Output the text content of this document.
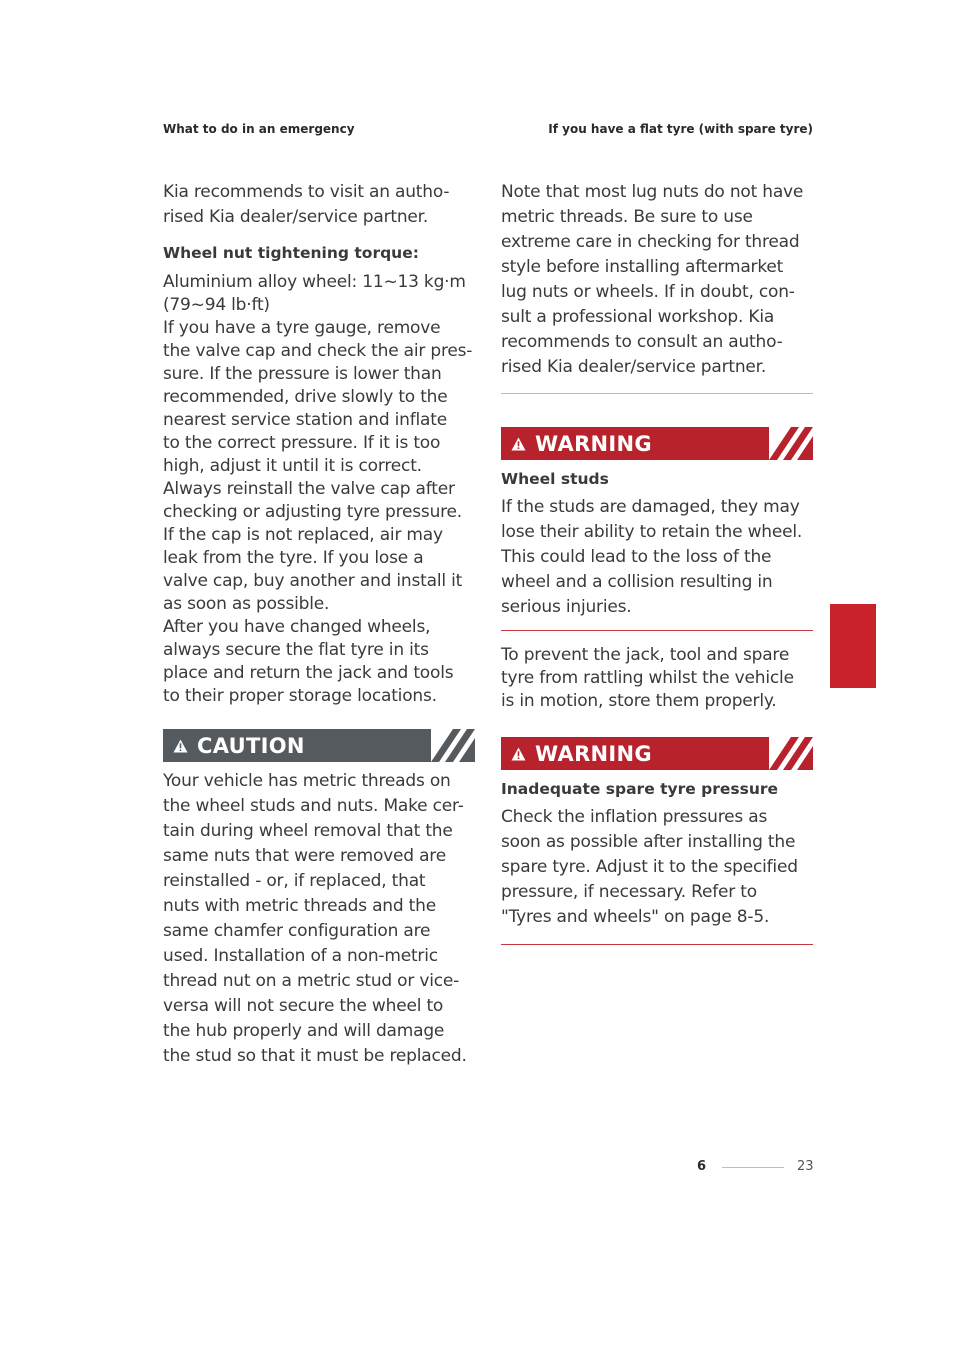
What to do in an emergency	If you have a flat tyre (with spare tyre)

Kia recommends to visit an autho-
rised Kia dealer/service partner.

Wheel nut tightening torque:

Aluminium alloy wheel: 11~13 kg·m
(79~94 lb·ft)

If you have a tyre gauge, remove
the valve cap and check the air pres-
sure. If the pressure is lower than
recommended, drive slowly to the
nearest service station and inflate
to the correct pressure. If it is too
high, adjust it until it is correct.
Always reinstall the valve cap after
checking or adjusting tyre pressure.
If the cap is not replaced, air may
leak from the tyre. If you lose a
valve cap, buy another and install it
as soon as possible.
After you have changed wheels,
always secure the flat tyre in its
place and return the jack and tools
to their proper storage locations.

CAUTION

Your vehicle has metric threads on
the wheel studs and nuts. Make cer-
tain during wheel removal that the
same nuts that were removed are
reinstalled - or, if replaced, that
nuts with metric threads and the
same chamfer configuration are
used. Installation of a non-metric
thread nut on a metric stud or vice-
versa will not secure the wheel to
the hub properly and will damage
the stud so that it must be replaced.

Note that most lug nuts do not have
metric threads. Be sure to use
extreme care in checking for thread
style before installing aftermarket
lug nuts or wheels. If in doubt, con-
sult a professional workshop. Kia
recommends to consult an autho-
rised Kia dealer/service partner.

WARNING

Wheel studs

If the studs are damaged, they may
lose their ability to retain the wheel.
This could lead to the loss of the
wheel and a collision resulting in
serious injuries.

To prevent the jack, tool and spare
tyre from rattling whilst the vehicle
is in motion, store them properly.

WARNING

Inadequate spare tyre pressure

Check the inflation pressures as
soon as possible after installing the
spare tyre. Adjust it to the specified
pressure, if necessary. Refer to
"Tyres and wheels" on page 8-5.

6
6	23
